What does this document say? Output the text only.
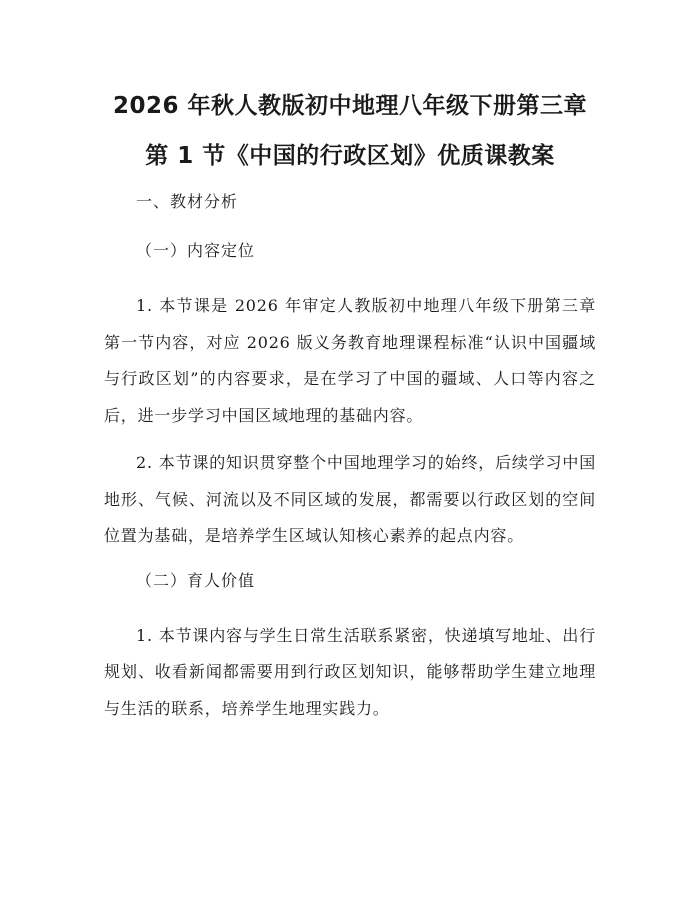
2026 年秋人教版初中地理八年级下册第三章
第 1 节《中国的行政区划》优质课教案
一、教材分析
（一）内容定位

1. 本节课是 2026 年审定人教版初中地理八年级下册第三章第一节内容，对应 2026 版义务教育地理课程标准“认识中国疆域与行政区划”的内容要求，是在学习了中国的疆域、人口等内容之后，进一步学习中国区域地理的基础内容。

2. 本节课的知识贯穿整个中国地理学习的始终，后续学习中国地形、气候、河流以及不同区域的发展，都需要以行政区划的空间位置为基础，是培养学生区域认知核心素养的起点内容。

（二）育人价值

1. 本节课内容与学生日常生活联系紧密，快递填写地址、出行规划、收看新闻都需要用到行政区划知识，能够帮助学生建立地理与生活的联系，培养学生地理实践力。
